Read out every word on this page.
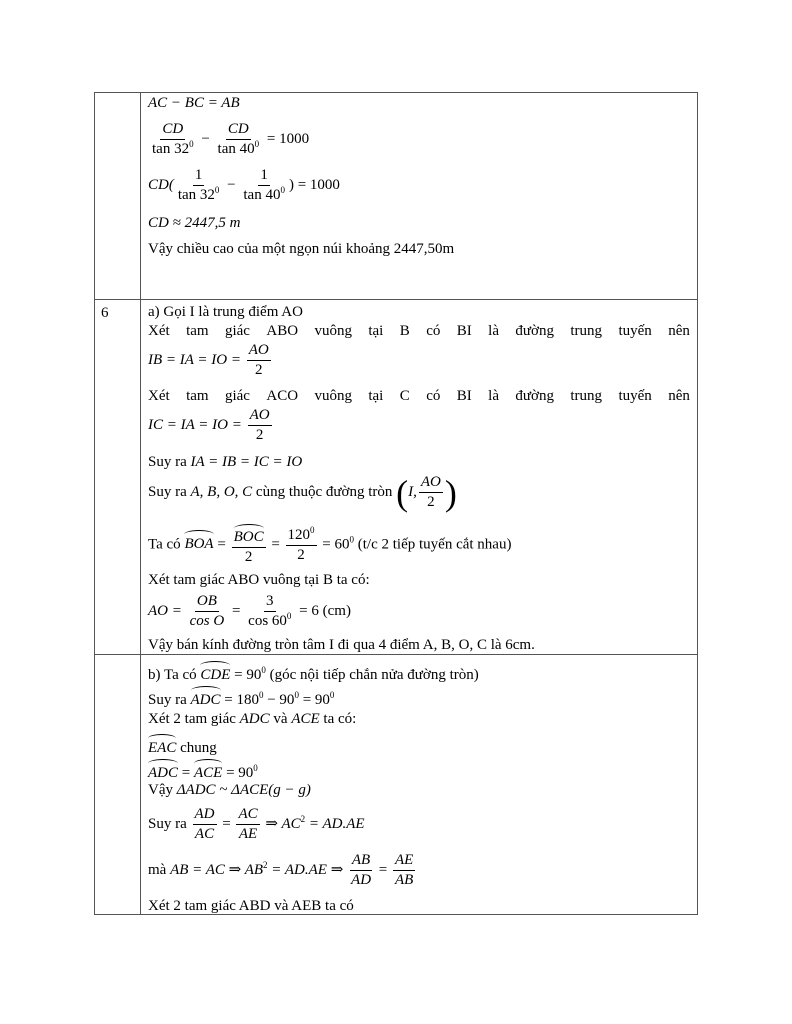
AC − BC = AB
$\frac{CD}{\tan 32^0} - \frac{CD}{\tan 40^0} = 1000$
$CD( \frac{1}{\tan 32^0} - \frac{1}{\tan 40^0}$ ) = 1000
CD ≈ 2447,5 m
Vậy chiều cao của một ngọn núi khoảng 2447,50m
6	a) Gọi I là trung điểm AO
Xét tam giác ABO vuông tại B có BI là đường trung tuyến nên
IB = IA = IO = $\frac{AO}{2}$
Xét tam giác ACO vuông tại C có BI là đường trung tuyến nên
IC = IA = IO = $\frac{AO}{2}$
Suy ra IA = IB = IC = IO
Suy ra A, B, O, C cùng thuộc đường tròn (I, $\frac{AO}{2}$ )
Ta có BOA = $\frac{\text{BOC}}{2} = \frac{120^0}{2} = 60^0$ (t/c 2 tiếp tuyến cắt nhau)
Xét tam giác ABO vuông tại B ta có:
AO = $\frac{OB}{\text{cos O}} = \frac{3}{\cos 60^0} = 6$ (cm)
Vậy bán kính đường tròn tâm I đi qua 4 điểm A, B, O, C là 6cm.
b) Ta có CDE = $90^0$ (góc nội tiếp chắn nửa đường tròn)
Suy ra ADC = $180^0 - 90^0 = 90^0$
Xét 2 tam giác ADC và ACE ta có:
EAC chung
ADC = ACE = $90^0$
Vậy ΔADC ~ ΔACE(g − g)
Suy ra $\frac{AD}{AC} = \frac{AC}{AE}$ ⇒ $AC^2 = AD.AE$
mà AB = AC ⇒ $AB^2 = AD.AE$ ⇒ $\frac{AB}{AD} = \frac{AE}{AB}$
Xét 2 tam giác ABD và AEB ta có
